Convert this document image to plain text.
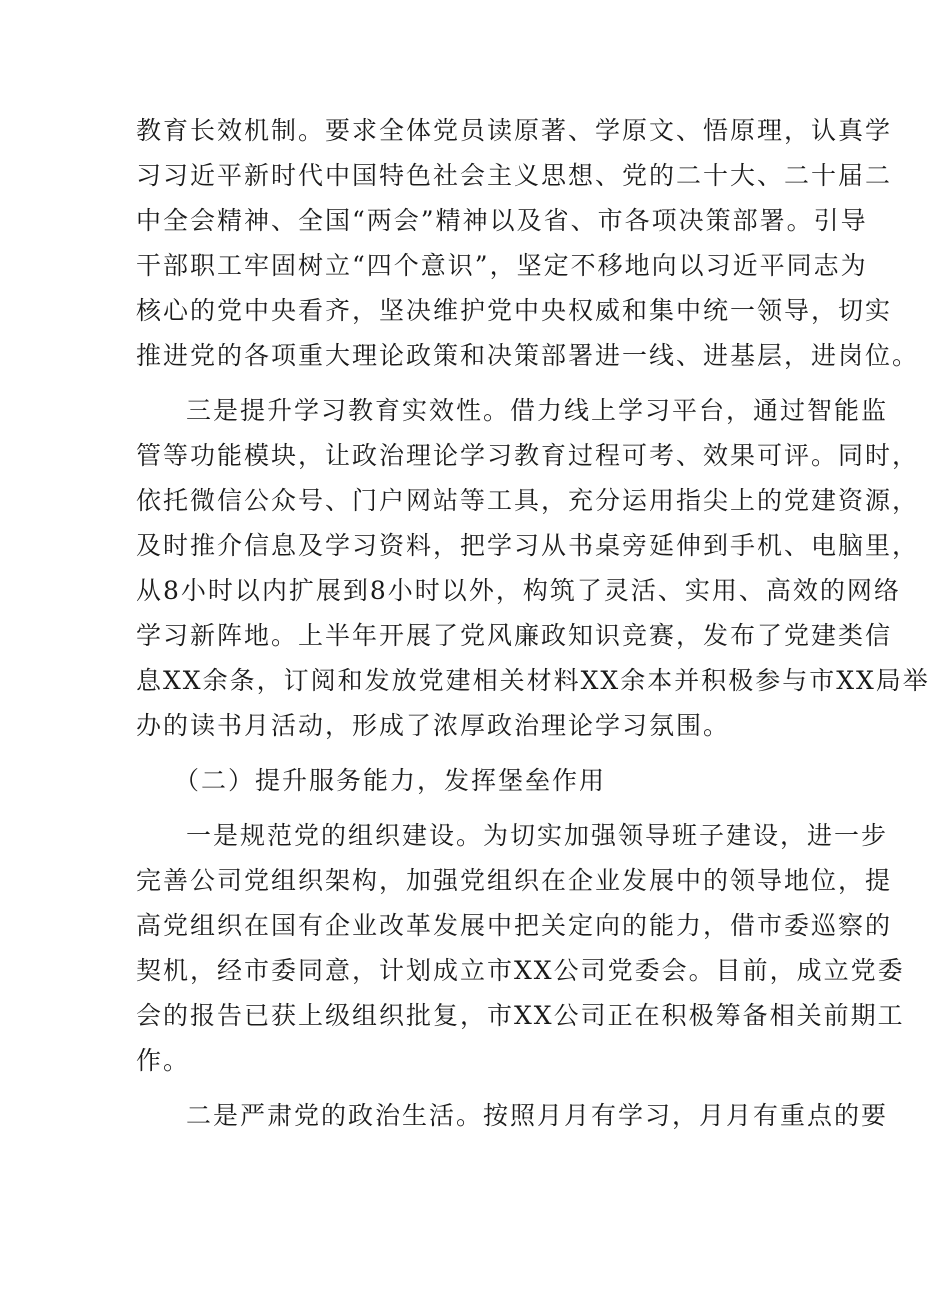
教育长效机制。要求全体党员读原著、学原文、悟原理，认真学
习习近平新时代中国特色社会主义思想、党的二十大、二十届二
中全会精神、全国“两会”精神以及省、市各项决策部署。引导
干部职工牢固树立“四个意识”，坚定不移地向以习近平同志为
核心的党中央看齐，坚决维护党中央权威和集中统一领导，切实
推进党的各项重大理论政策和决策部署进一线、进基层，进岗位。
三是提升学习教育实效性。借力线上学习平台，通过智能监
管等功能模块，让政治理论学习教育过程可考、效果可评。同时，
依托微信公众号、门户网站等工具，充分运用指尖上的党建资源，
及时推介信息及学习资料，把学习从书桌旁延伸到手机、电脑里，
从8小时以内扩展到8小时以外，构筑了灵活、实用、高效的网络
学习新阵地。上半年开展了党风廉政知识竞赛，发布了党建类信
息XX余条，订阅和发放党建相关材料XX余本并积极参与市XX局举
办的读书月活动，形成了浓厚政治理论学习氛围。
（二）提升服务能力，发挥堡垒作用
一是规范党的组织建设。为切实加强领导班子建设，进一步
完善公司党组织架构，加强党组织在企业发展中的领导地位，提
高党组织在国有企业改革发展中把关定向的能力，借市委巡察的
契机，经市委同意，计划成立市XX公司党委会。目前，成立党委
会的报告已获上级组织批复，市XX公司正在积极筹备相关前期工
作。
二是严肃党的政治生活。按照月月有学习，月月有重点的要
